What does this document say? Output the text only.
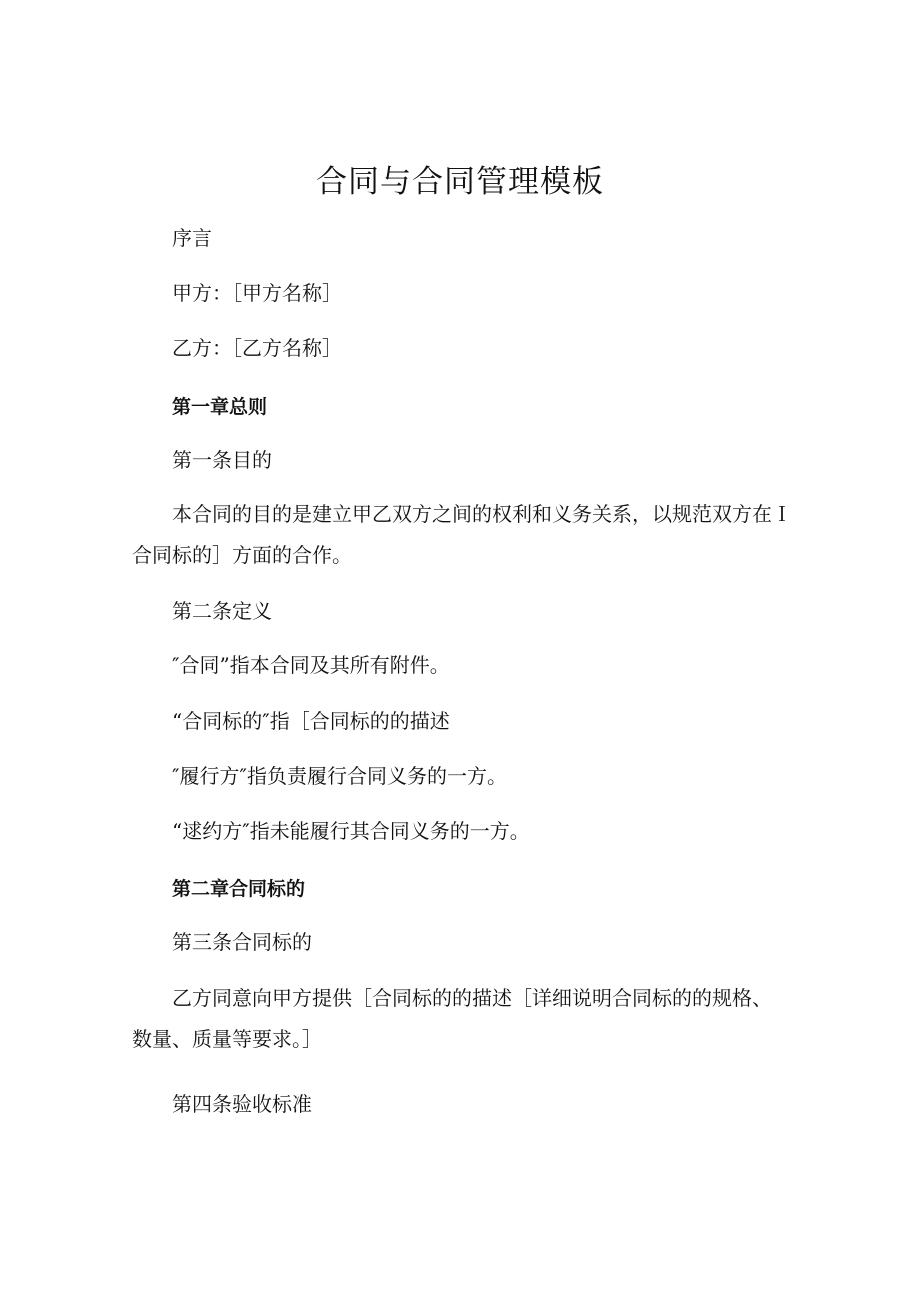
合同与合同管理模板

序言

甲方：［甲方名称］

乙方：［乙方名称］

第一章总则

第一条目的

本合同的目的是建立甲乙双方之间的权利和义务关系，以规范双方在Ｉ

合同标的］方面的合作。

第二条定义

″合同”指本合同及其所有附件。

“合同标的″指［合同标的的描述

″履行方″指负责履行合同义务的一方。

“逑约方″指未能履行其合同义务的一方。

第二章合同标的

第三条合同标的

乙方同意向甲方提供［合同标的的描述［详细说明合同标的的规格、

数量、质量等要求。］

第四条验收标准
